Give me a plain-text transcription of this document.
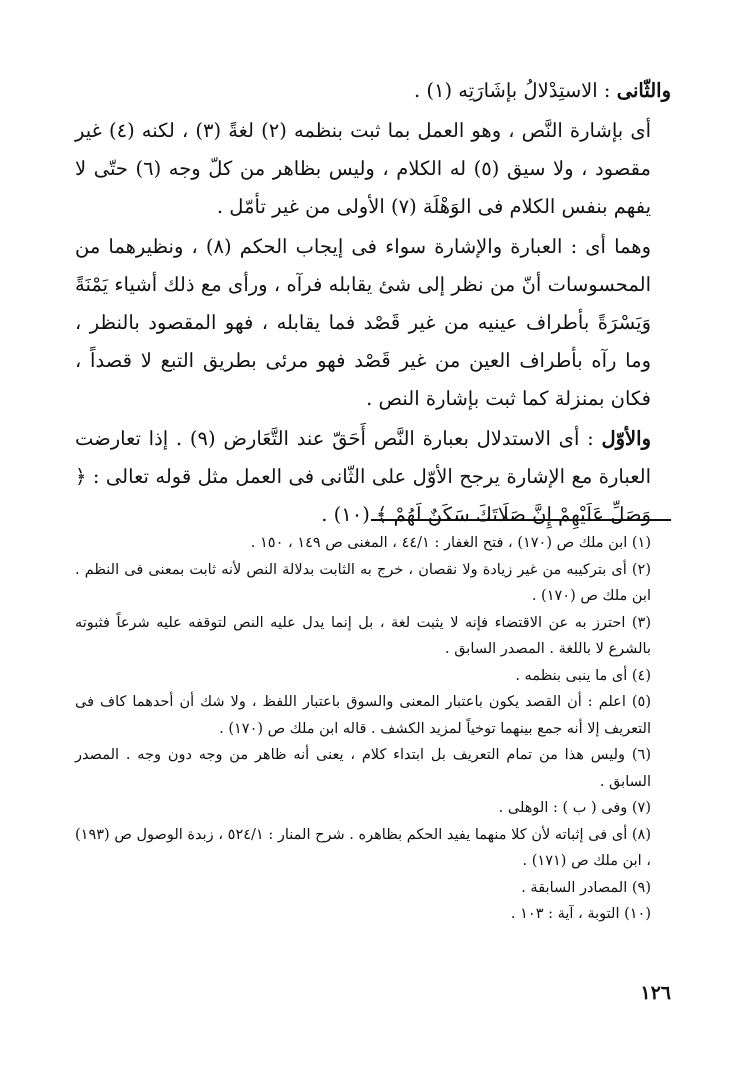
والثّانى : الاستِدْلالُ بإشَارَتِه (١) .

أى بإشارة النَّص ، وهو العمل بما ثبت بنظمه (٢) لغةً (٣) ، لكنه (٤) غير مقصود ، ولا سيق (٥) له الكلام ، وليس بظاهر من كلّ وجه (٦) حتّى لا يفهم بنفس الكلام فى الوَهْلَة (٧) الأولى من غير تأمّل .

وهما أى : العبارة والإشارة سواء فى إيجاب الحكم (٨) ، ونظيرهما من المحسوسات أنّ من نظر إلى شئ يقابله فرآه ، ورأى مع ذلك أشياء يَمْنَةً وَيَسْرَةً بأطراف عينيه من غير قَصْد فما يقابله ، فهو المقصود بالنظر ، وما رآه بأطراف العين من غير قَصْد فهو مرئى بطريق التبع لا قصداً ، فكان بمنزلة كما ثبت بإشارة النص .

والأوّل : أى الاستدلال بعبارة النَّص أَحَقّ عند التَّعَارض (٩) . إذا تعارضت العبارة مع الإشارة يرجح الأوّل على الثّانى فى العمل مثل قوله تعالى : ﴿ وَصَلِّ عَلَيْهِمْ إِنَّ صَلَاتَكَ سَكَنٌ لَهُمْ ﴾ (١٠) .

(١) ابن ملك ص (١٧٠) ، فتح الغفار : ٤٤/١ ، المغنى ص ١٤٩ ، ١٥٠ .

(٢) أى بتركيبه من غير زيادة ولا نقصان ، خرج به الثابت بدلالة النص لأنه ثابت بمعنى فى النظم . ابن ملك ص (١٧٠) .

(٣) احترز به عن الاقتضاء فإنه لا يثبت لغة ، بل إنما يدل عليه النص لتوقفه عليه شرعاً فثبوته بالشرع لا باللغة . المصدر السابق .

(٤) أى ما ينبى بنظمه .

(٥) اعلم : أن القصد يكون باعتبار المعنى والسوق باعتبار اللفظ ، ولا شك أن أحدهما كاف فى التعريف إلا أنه جمع بينهما توخياً لمزيد الكشف . قاله ابن ملك ص (١٧٠) .

(٦) وليس هذا من تمام التعريف بل ابتداء كلام ، يعنى أنه ظاهر من وجه دون وجه . المصدر السابق .

(٧) وفى ( ب ) : الوهلى .

(٨) أى فى إثباته لأن كلا منهما يفيد الحكم بظاهره . شرح المنار : ٥٢٤/١ ، زبدة الوصول ص (١٩٣) ، ابن ملك ص (١٧١) .

(٩) المصادر السابقة .

(١٠) التوبة ، آية : ١٠٣ .

١٢٦
